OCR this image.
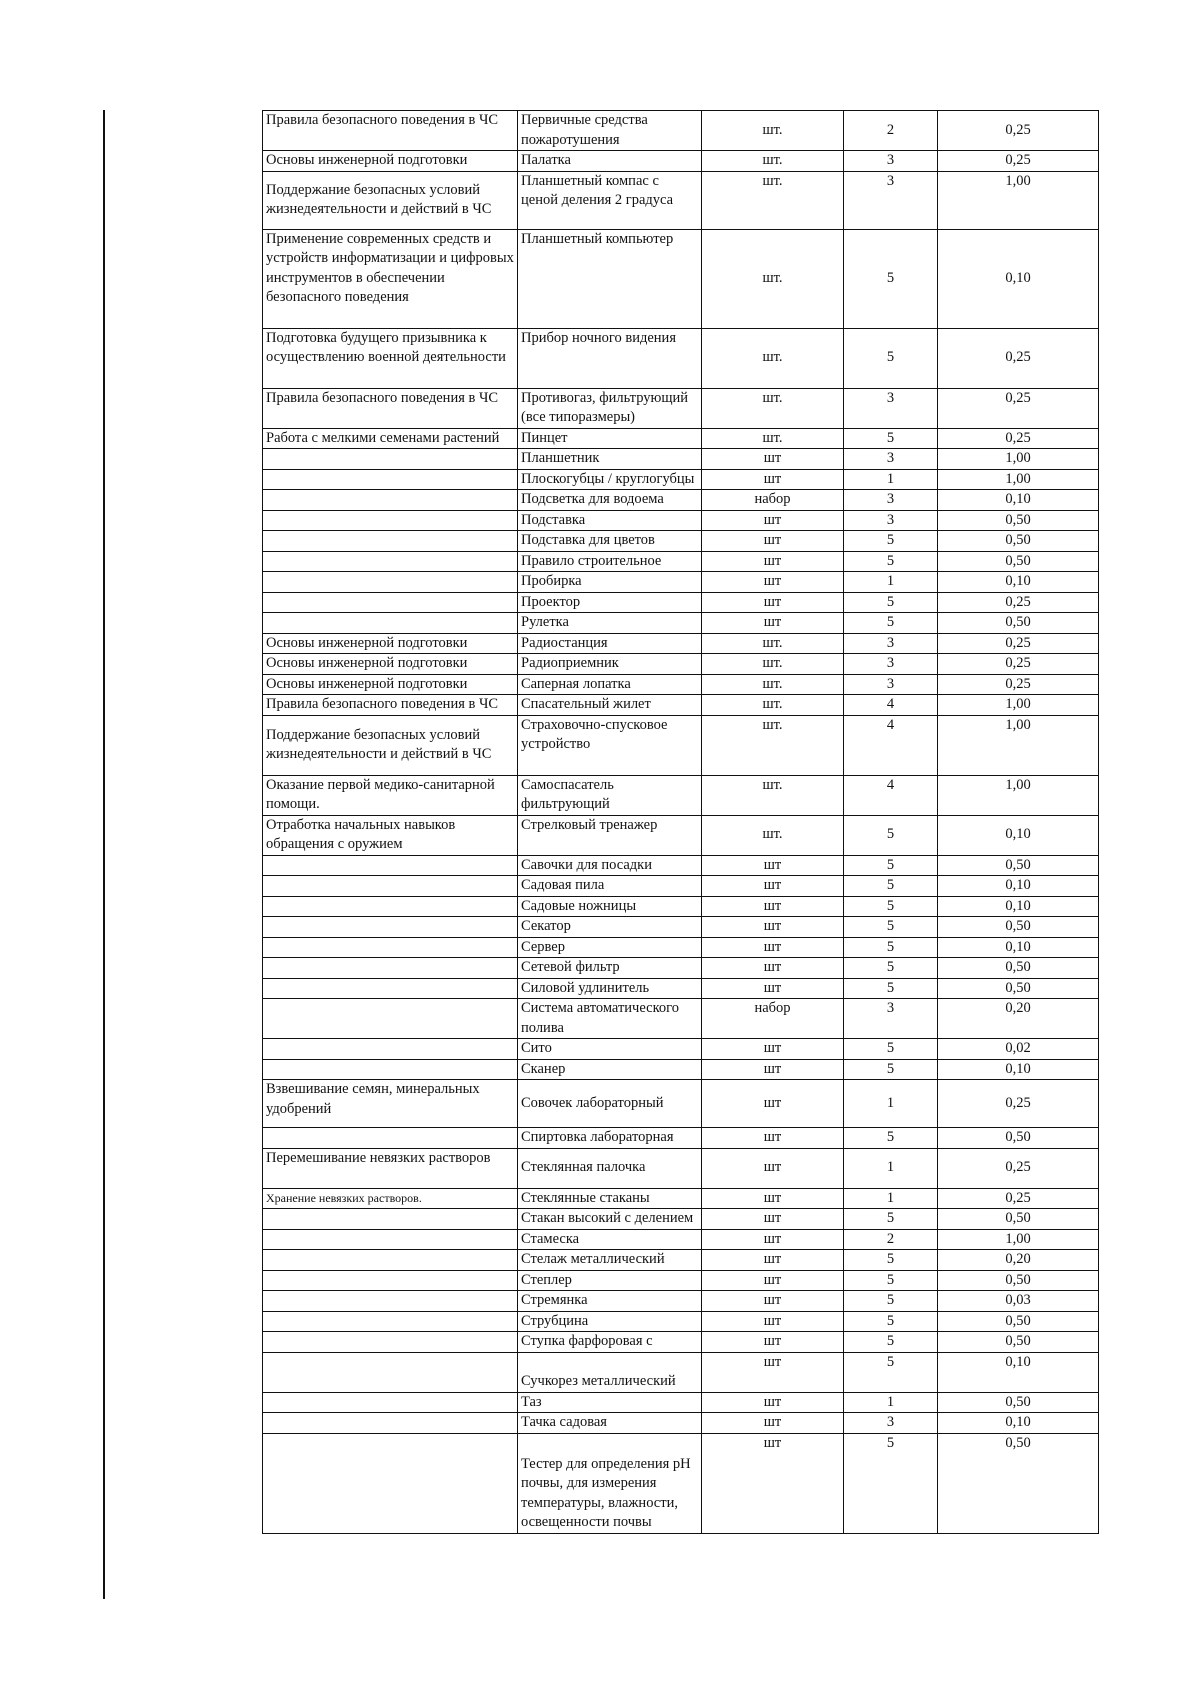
Правила безопасного поведения в ЧС	Первичные средства пожаротушения	шт.	2	0,25
Основы инженерной подготовки	Палатка	шт.	3	0,25
Поддержание безопасных условий жизнедеятельности и действий в ЧС	Планшетный компас с ценой деления 2 градуса	шт.	3	1,00
Применение современных средств и устройств информатизации и цифровых инструментов в обеспечении безопасного поведения	Планшетный компьютер	шт.	5	0,10
Подготовка будущего призывника к осуществлению военной деятельности	Прибор ночного видения	шт.	5	0,25
Правила безопасного поведения в ЧС	Противогаз, фильтрующий (все типоразмеры)	шт.	3	0,25
Работа с мелкими семенами растений	Пинцет	шт.	5	0,25
	Планшетник	шт	3	1,00
	Плоскогубцы / круглогубцы	шт	1	1,00
	Подсветка для водоема	набор	3	0,10
	Подставка	шт	3	0,50
	Подставка для цветов	шт	5	0,50
	Правило строительное	шт	5	0,50
	Пробирка	шт	1	0,10
	Проектор	шт	5	0,25
	Рулетка	шт	5	0,50
Основы инженерной подготовки	Радиостанция	шт.	3	0,25
Основы инженерной подготовки	Радиоприемник	шт.	3	0,25
Основы инженерной подготовки	Саперная лопатка	шт.	3	0,25
Правила безопасного поведения в ЧС	Спасательный жилет	шт.	4	1,00
Поддержание безопасных условий жизнедеятельности и действий в ЧС	Страховочно-спусковое устройство	шт.	4	1,00
Оказание первой медико-санитарной помощи.	Самоспасатель фильтрующий	шт.	4	1,00
Отработка начальных навыков обращения с оружием	Стрелковый тренажер	шт.	5	0,10
	Савочки для посадки	шт	5	0,50
	Садовая пила	шт	5	0,10
	Садовые ножницы	шт	5	0,10
	Секатор	шт	5	0,50
	Сервер	шт	5	0,10
	Сетевой фильтр	шт	5	0,50
	Силовой удлинитель	шт	5	0,50
	Система автоматического полива	набор	3	0,20
	Сито	шт	5	0,02
	Сканер	шт	5	0,10
Взвешивание семян, минеральных удобрений	Совочек лабораторный	шт	1	0,25
	Спиртовка лабораторная	шт	5	0,50
Перемешивание невязких растворов	Стеклянная палочка	шт	1	0,25
Хранение невязких растворов.	Стеклянные стаканы	шт	1	0,25
	Стакан высокий с делением	шт	5	0,50
	Стамеска	шт	2	1,00
	Стелаж металлический	шт	5	0,20
	Степлер	шт	5	0,50
	Стремянка	шт	5	0,03
	Струбцина	шт	5	0,50
	Ступка фарфоровая с	шт	5	0,50
	Сучкорез металлический	шт	5	0,10
	Таз	шт	1	0,50
	Тачка садовая	шт	3	0,10
	Тестер для определения pH почвы, для измерения температуры, влажности, освещенности почвы	шт	5	0,50
